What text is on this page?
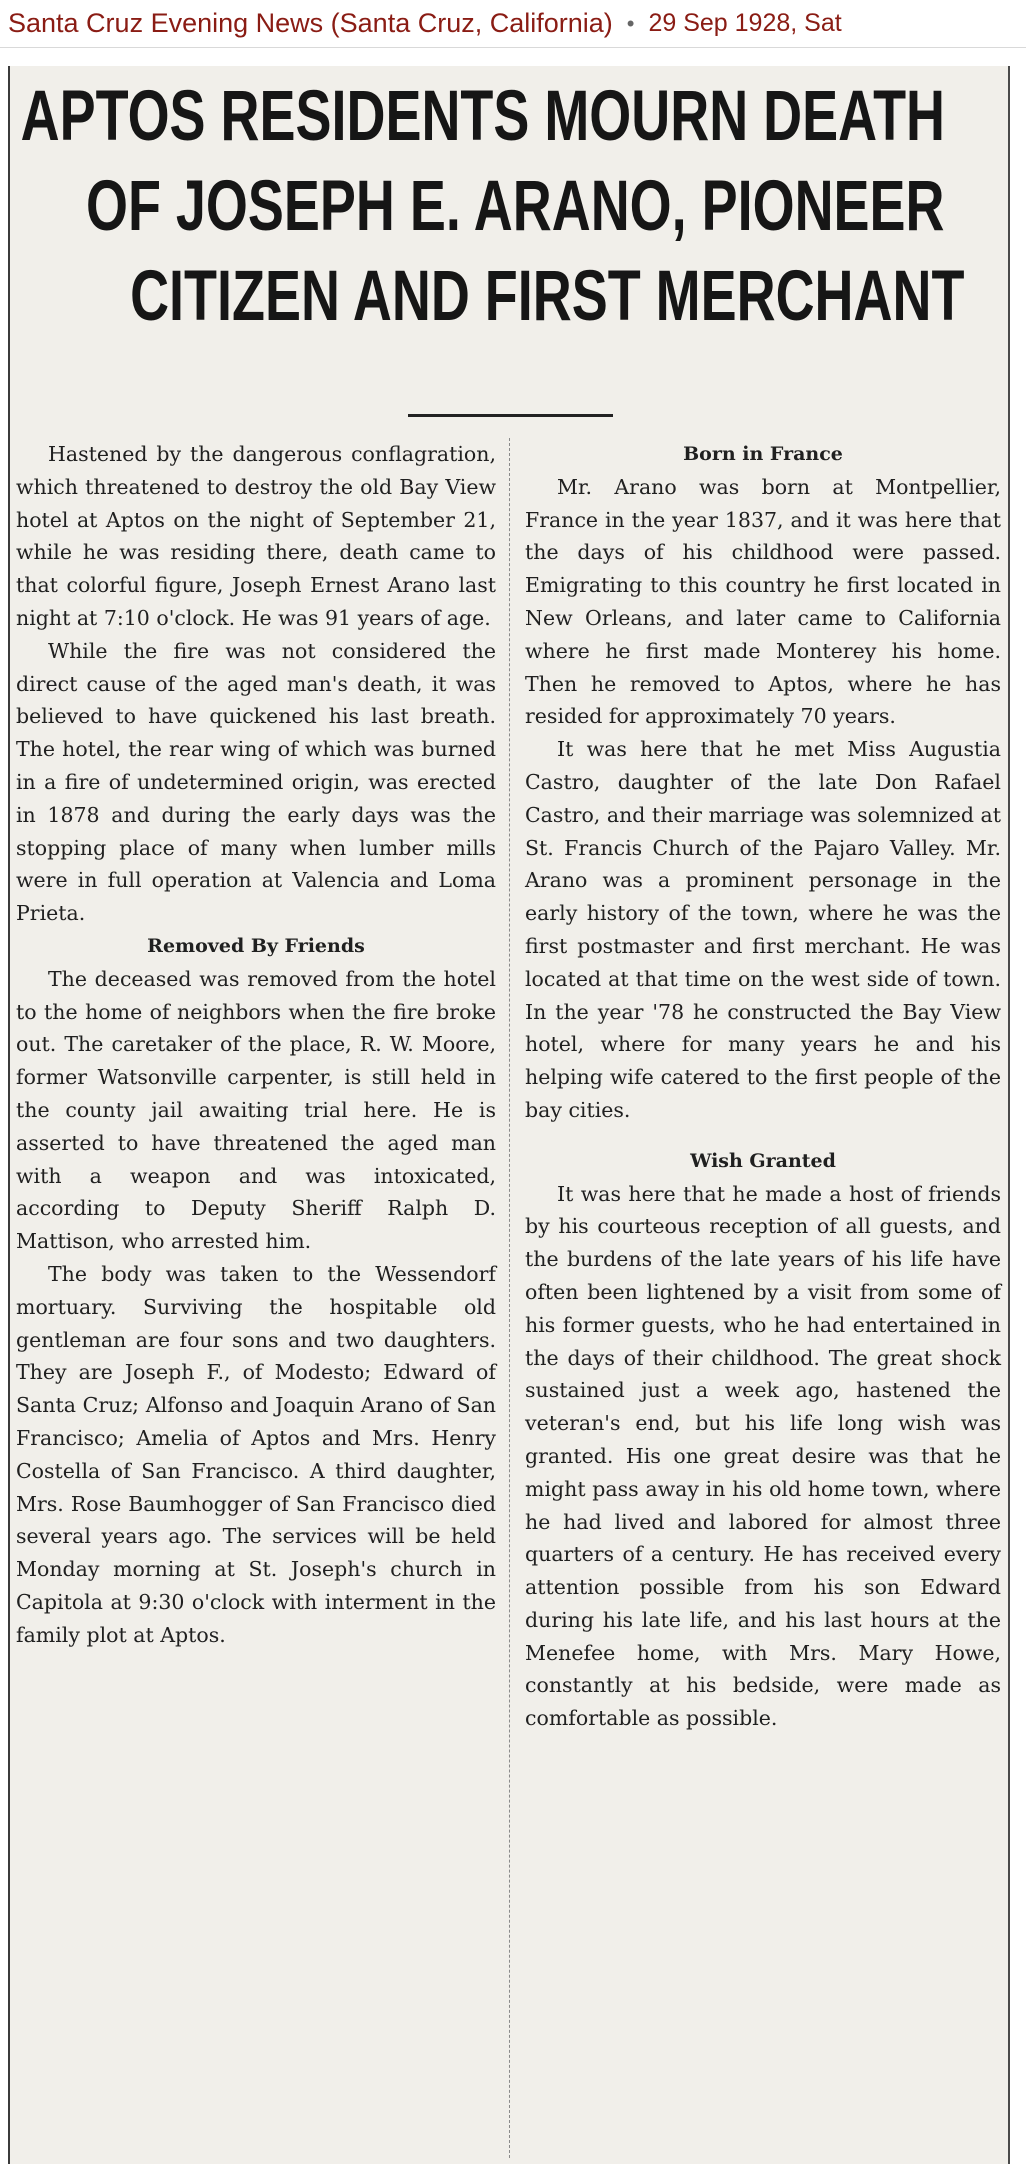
Santa Cruz Evening News (Santa Cruz, California) • 29 Sep 1928, Sat
APTOS RESIDENTS MOURN DEATH
OF JOSEPH E. ARANO, PIONEER
CITIZEN AND FIRST MERCHANT

Hastened by the dangerous conflagration, which threatened to destroy the old Bay View hotel at Aptos on the night of September 21, while he was residing there, death came to that colorful figure, Joseph Ernest Arano last night at 7:10 o'clock. He was 91 years of age.

While the fire was not considered the direct cause of the aged man's death, it was believed to have quickened his last breath. The hotel, the rear wing of which was burned in a fire of undetermined origin, was erected in 1878 and during the early days was the stopping place of many when lumber mills were in full operation at Valencia and Loma Prieta.

Removed By Friends

The deceased was removed from the hotel to the home of neighbors when the fire broke out. The caretaker of the place, R. W. Moore, former Watsonville carpenter, is still held in the county jail awaiting trial here. He is asserted to have threatened the aged man with a weapon and was intoxicated, according to Deputy Sheriff Ralph D. Mattison, who arrested him.

The body was taken to the Wessendorf mortuary. Surviving the hospitable old gentleman are four sons and two daughters. They are Joseph F., of Modesto; Edward of Santa Cruz; Alfonso and Joaquin Arano of San Francisco; Amelia of Aptos and Mrs. Henry Costella of San Francisco. A third daughter, Mrs. Rose Baumhogger of San Francisco died several years ago. The services will be held Monday morning at St. Joseph's church in Capitola at 9:30 o'clock with interment in the family plot at Aptos.

Born in France

Mr. Arano was born at Montpellier, France in the year 1837, and it was here that the days of his childhood were passed. Emigrating to this country he first located in New Orleans, and later came to California where he first made Monterey his home. Then he removed to Aptos, where he has resided for approximately 70 years.

It was here that he met Miss Augustia Castro, daughter of the late Don Rafael Castro, and their marriage was solemnized at St. Francis Church of the Pajaro Valley. Mr. Arano was a prominent personage in the early history of the town, where he was the first postmaster and first merchant. He was located at that time on the west side of town. In the year '78 he constructed the Bay View hotel, where for many years he and his helping wife catered to the first people of the bay cities.

Wish Granted

It was here that he made a host of friends by his courteous reception of all guests, and the burdens of the late years of his life have often been lightened by a visit from some of his former guests, who he had entertained in the days of their childhood. The great shock sustained just a week ago, hastened the veteran's end, but his life long wish was granted. His one great desire was that he might pass away in his old home town, where he had lived and labored for almost three quarters of a century. He has received every attention possible from his son Edward during his late life, and his last hours at the Menefee home, with Mrs. Mary Howe, constantly at his bedside, were made as comfortable as possible.
